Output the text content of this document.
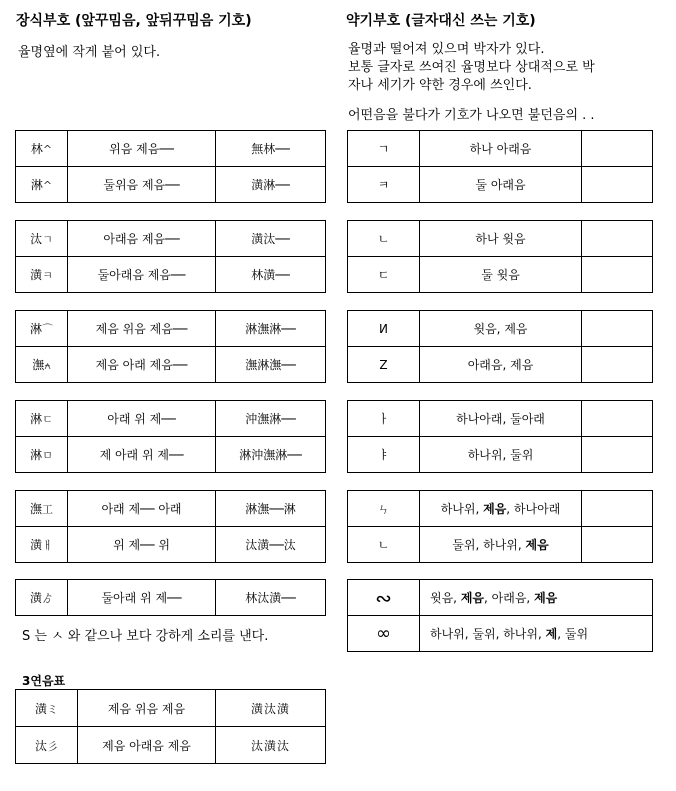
장식부호 (앞꾸밈음, 앞뒤꾸밈음 기호)
율명옆에 작게 붙어 있다.
약기부호 (글자대신 쓰는 기호)
율명과 떨어져 있으며 박자가 있다.
보통 글자로 쓰여진 율명보다 상대적으로 박
자나 세기가 약한 경우에 쓰인다.
어떤음을 불다가 기호가 나오면 불던음의 . .
林^	위음 제음──	無林──
淋^	둘위음 제음──	潢淋──
汰ㄱ	아래음 제음──	潢汰──
潢ㅋ	둘아래음 제음──	林潢──
淋⌒	제음 위음 제음──	淋潕淋──
潕⍲	제음 아래 제음──	潕淋潕──
淋ㄷ	아래 위 제──	沖潕淋──
淋ㅁ	제 아래 위 제──	淋沖潕淋──
潕工	아래 제── 아래	淋潕──淋
潢ㅐ	위 제── 위	汰潢──汰
潢ゟ	둘아래 위 제──	林汰潢──
S 는 ㅅ 와 같으나 보다 강하게 소리를 낸다.
3연음표
潢ミ	제음 위음 제음	潢汰潢
汰彡	제음 아래음 제음	汰潢汰
ㄱ	하나 아래음	
ㅋ	둘 아래음	
ㄴ	하나 윗음	
ㄷ	둘 윗음	
И	윗음, 제음	
Z	아래음, 제음	
ㅏ	하나아래, 둘아래	
ㅑ	하나위, 둘위	
ㄣ	하나위, 제음, 하나아래	
ㄴ	둘위, 하나위, 제음	
∾	윗음, 제음, 아래음, 제음
∞	하나위, 둘위, 하나위, 제, 둘위
